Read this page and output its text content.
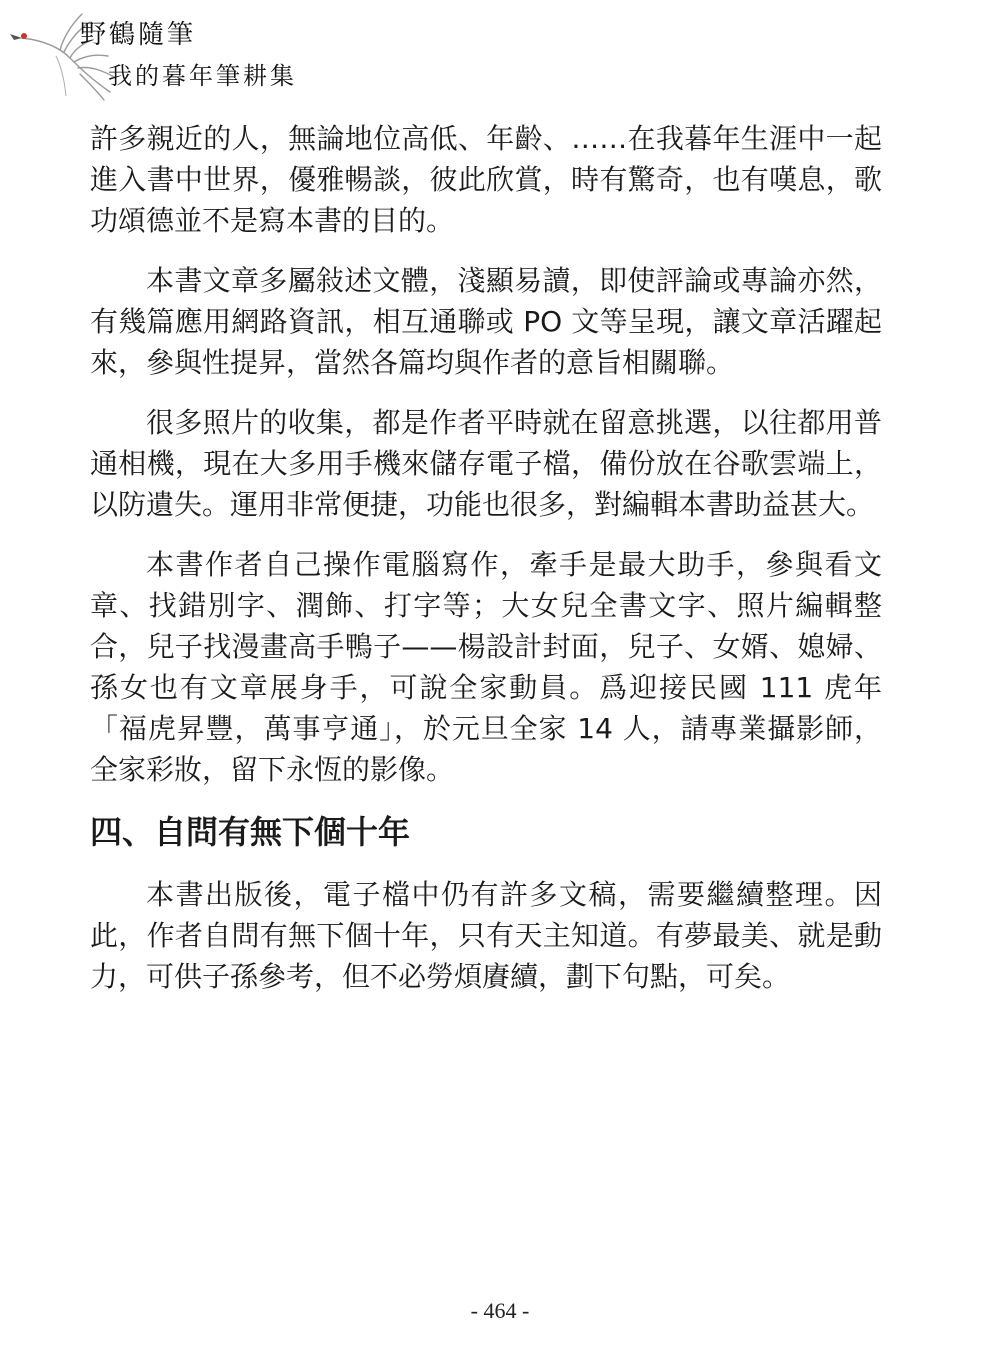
野鶴隨筆
我的暮年筆耕集

許多親近的人，無論地位高低、年齡、……在我暮年生涯中一起進入書中世界，優雅暢談，彼此欣賞，時有驚奇，也有嘆息，歌功頌德並不是寫本書的目的。

本書文章多屬敍述文體，淺顯易讀，即使評論或專論亦然，有幾篇應用網路資訊，相互通聯或 PO 文等呈現，讓文章活躍起來，參與性提昇，當然各篇均與作者的意旨相關聯。

很多照片的收集，都是作者平時就在留意挑選，以往都用普通相機，現在大多用手機來儲存電子檔，備份放在谷歌雲端上，以防遺失。運用非常便捷，功能也很多，對編輯本書助益甚大。

本書作者自己操作電腦寫作，牽手是最大助手，參與看文章、找錯別字、潤飾、打字等；大女兒全書文字、照片編輯整合，兒子找漫畫高手鴨子——楊設計封面，兒子、女婿、媳婦、孫女也有文章展身手，可說全家動員。爲迎接民國 111 虎年「福虎昇豐，萬事亨通」，於元旦全家 14 人，請專業攝影師，全家彩妝，留下永恆的影像。

四、自問有無下個十年

本書出版後，電子檔中仍有許多文稿，需要繼續整理。因此，作者自問有無下個十年，只有天主知道。有夢最美、就是動力，可供子孫參考，但不必勞煩賡續，劃下句點，可矣。

- 464 -
